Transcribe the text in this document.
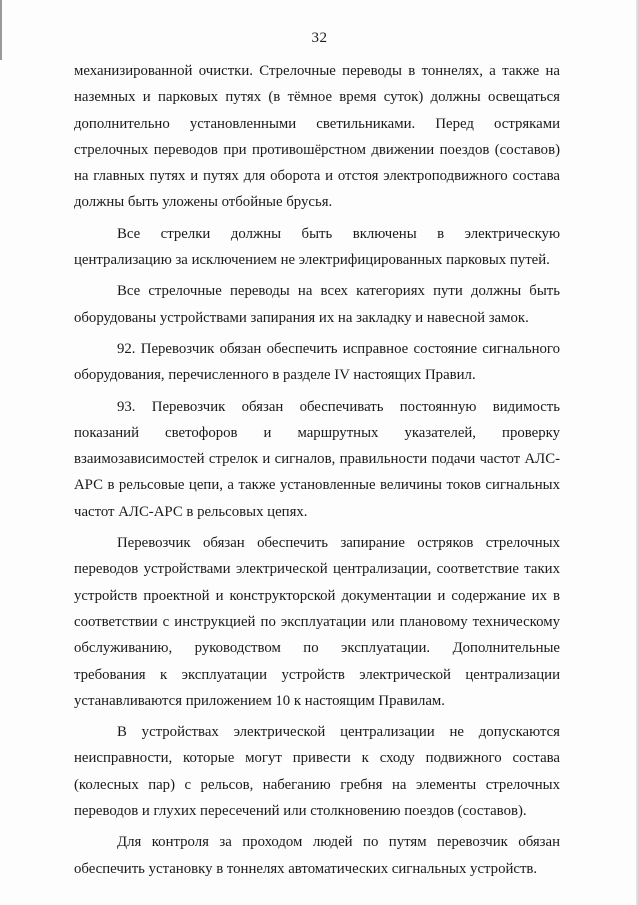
32

механизированной очистки. Стрелочные переводы в тоннелях, а также на наземных и парковых путях (в тёмное время суток) должны освещаться дополнительно установленными светильниками. Перед остряками стрелочных переводов при противошёрстном движении поездов (составов) на главных путях и путях для оборота и отстоя электроподвижного состава должны быть уложены отбойные брусья.

Все стрелки должны быть включены в электрическую централизацию за исключением не электрифицированных парковых путей.

Все стрелочные переводы на всех категориях пути должны быть оборудованы устройствами запирания их на закладку и навесной замок.

92. Перевозчик обязан обеспечить исправное состояние сигнального оборудования, перечисленного в разделе IV настоящих Правил.

93. Перевозчик обязан обеспечивать постоянную видимость показаний светофоров и маршрутных указателей, проверку взаимозависимостей стрелок и сигналов, правильности подачи частот АЛС-АРС в рельсовые цепи, а также установленные величины токов сигнальных частот АЛС-АРС в рельсовых цепях.

Перевозчик обязан обеспечить запирание остряков стрелочных переводов устройствами электрической централизации, соответствие таких устройств проектной и конструкторской документации и содержание их в соответствии с инструкцией по эксплуатации или плановому техническому обслуживанию, руководством по эксплуатации. Дополнительные требования к эксплуатации устройств электрической централизации устанавливаются приложением 10 к настоящим Правилам.

В устройствах электрической централизации не допускаются неисправности, которые могут привести к сходу подвижного состава (колесных пар) с рельсов, набеганию гребня на элементы стрелочных переводов и глухих пересечений или столкновению поездов (составов).

Для контроля за проходом людей по путям перевозчик обязан обеспечить установку в тоннелях автоматических сигнальных устройств.
